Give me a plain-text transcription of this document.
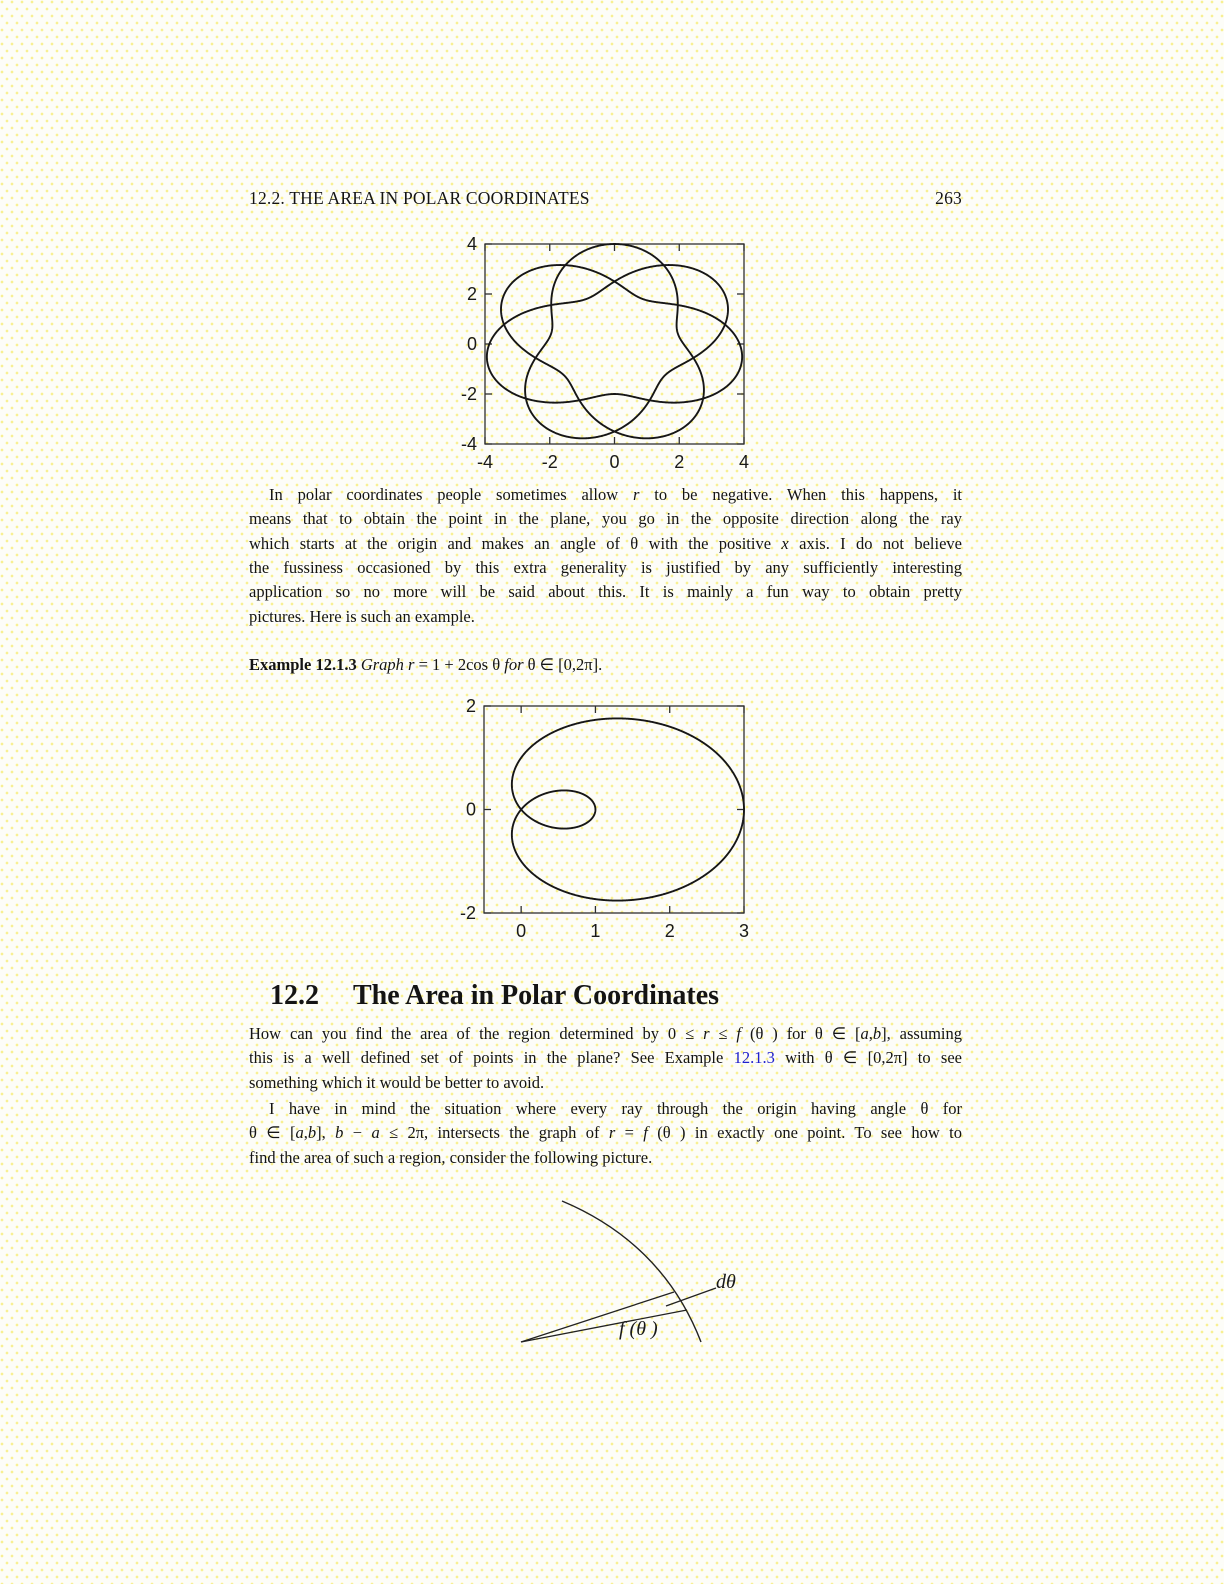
12.2. THE AREA IN POLAR COORDINATES	263
-4	-2	0	2	4
-4
-2
0
2
4
In polar coordinates people sometimes allow r to be negative. When this happens, it
means that to obtain the point in the plane, you go in the opposite direction along the ray
which starts at the origin and makes an angle of θ with the positive x axis. I do not believe
the fussiness occasioned by this extra generality is justified by any sufficiently interesting
application so no more will be said about this. It is mainly a fun way to obtain pretty
pictures. Here is such an example.
Example 12.1.3 Graph r = 1 + 2cos θ for θ ∈ [0,2π].
0	1	2	3
-2
0
2
12.2 The Area in Polar Coordinates
How can you find the area of the region determined by 0 ≤ r ≤ f (θ ) for θ ∈ [a,b], assuming
this is a well defined set of points in the plane? See Example 12.1.3 with θ ∈ [0,2π] to see
something which it would be better to avoid.
I have in mind the situation where every ray through the origin having angle θ for
θ ∈ [a,b], b − a ≤ 2π, intersects the graph of r = f (θ ) in exactly one point. To see how to
find the area of such a region, consider the following picture.
dθ
f (θ )
